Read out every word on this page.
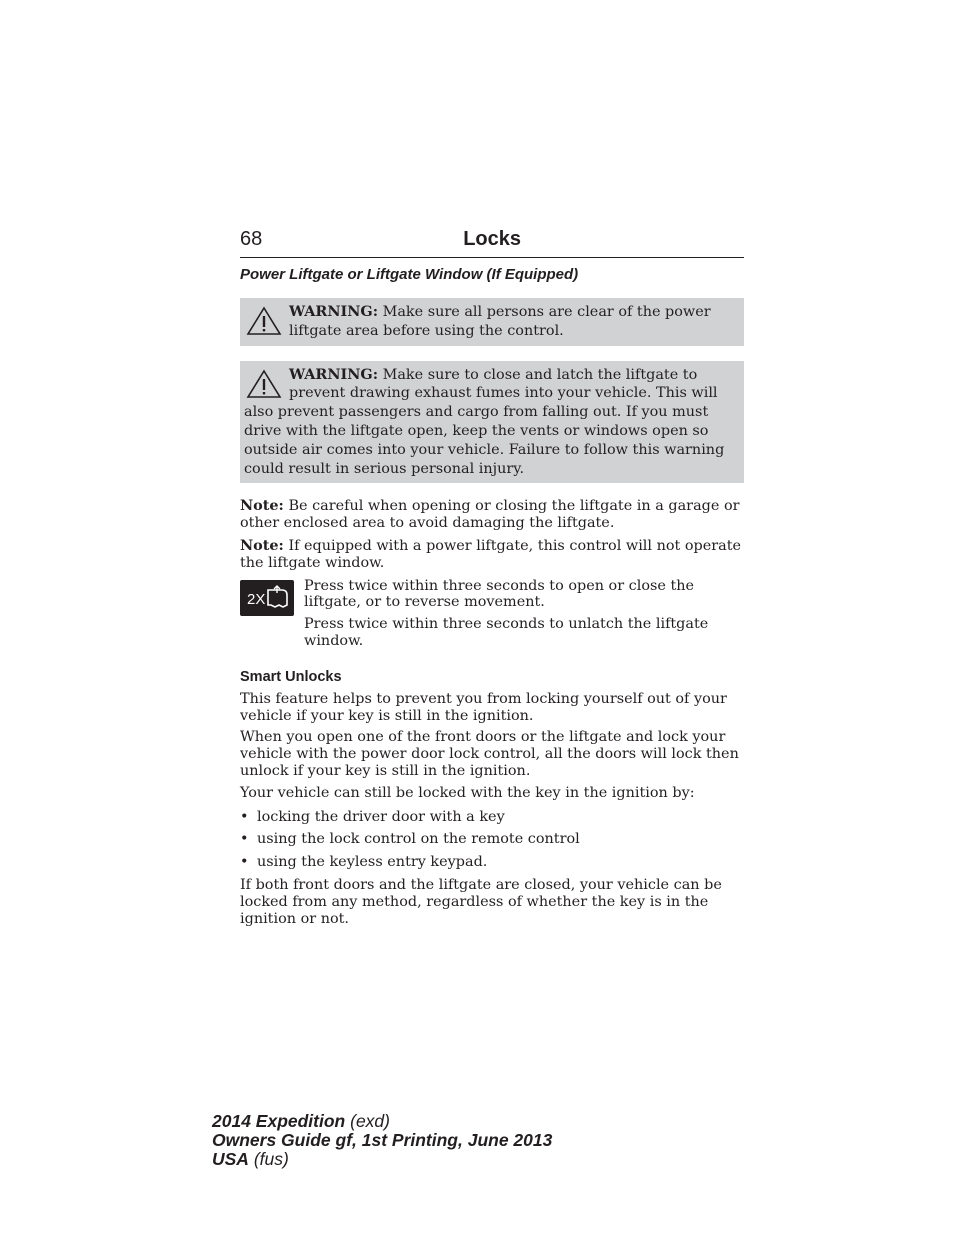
68	Locks
Power Liftgate or Liftgate Window (If Equipped)
WARNING: Make sure all persons are clear of the power liftgate area before using the control.
WARNING: Make sure to close and latch the liftgate to prevent drawing exhaust fumes into your vehicle. This will also prevent passengers and cargo from falling out. If you must drive with the liftgate open, keep the vents or windows open so outside air comes into your vehicle. Failure to follow this warning could result in serious personal injury.

Note: Be careful when opening or closing the liftgate in a garage or other enclosed area to avoid damaging the liftgate.

Note: If equipped with a power liftgate, this control will not operate the liftgate window.

2X

Press twice within three seconds to open or close the liftgate, or to reverse movement.

Press twice within three seconds to unlatch the liftgate window.

Smart Unlocks

This feature helps to prevent you from locking yourself out of your vehicle if your key is still in the ignition.

When you open one of the front doors or the liftgate and lock your vehicle with the power door lock control, all the doors will lock then unlock if your key is still in the ignition.

Your vehicle can still be locked with the key in the ignition by:

• locking the driver door with a key
• using the lock control on the remote control
• using the keyless entry keypad.

If both front doors and the liftgate are closed, your vehicle can be locked from any method, regardless of whether the key is in the ignition or not.

2014 Expedition (exd)
Owners Guide gf, 1st Printing, June 2013
USA (fus)
